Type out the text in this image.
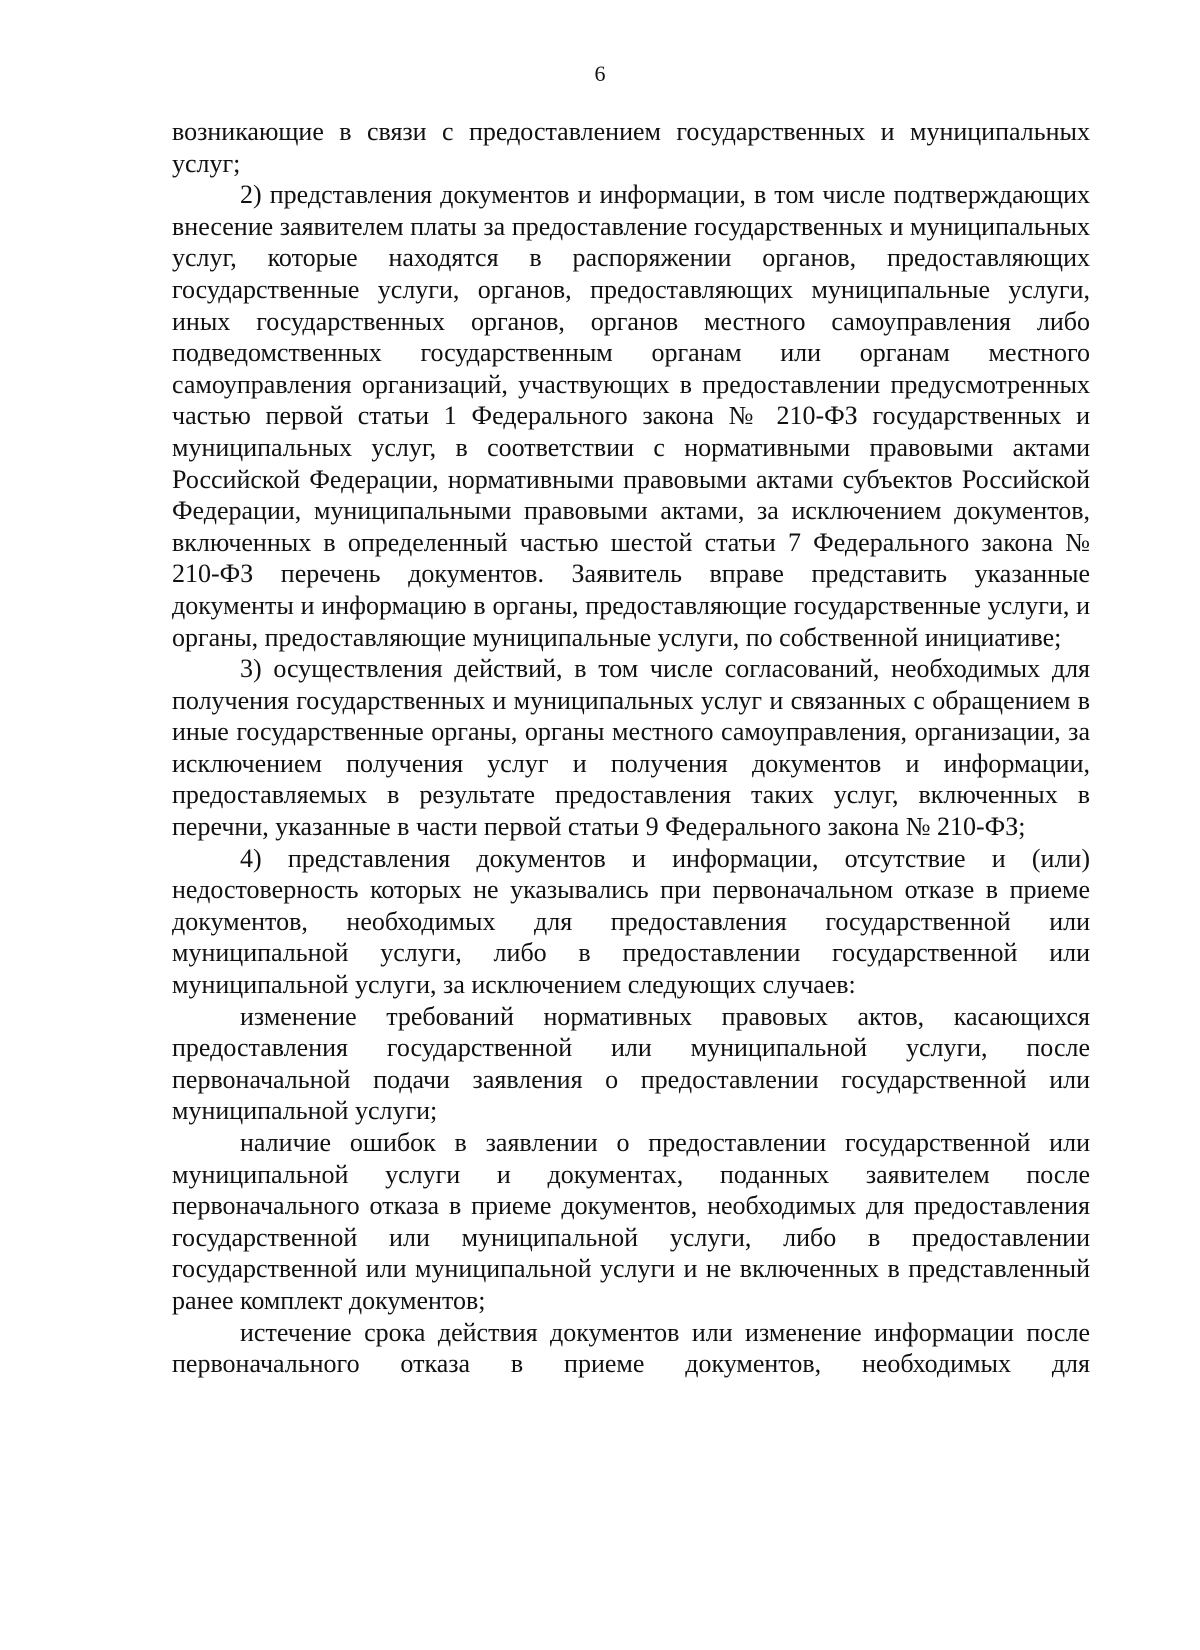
6

возникающие в связи с предоставлением государственных и муниципальных услуг;

2) представления документов и информации, в том числе подтверждающих внесение заявителем платы за предоставление государственных и муниципальных услуг, которые находятся в распоряжении органов, предоставляющих государственные услуги, органов, предоставляющих муниципальные услуги, иных государственных органов, органов местного самоуправления либо подведомственных государственным органам или органам местного самоуправления организаций, участвующих в предоставлении предусмотренных частью первой статьи 1 Федерального закона № 210-ФЗ государственных и муниципальных услуг, в соответствии с нормативными правовыми актами Российской Федерации, нормативными правовыми актами субъектов Российской Федерации, муниципальными правовыми актами, за исключением документов, включенных в определенный частью шестой статьи 7 Федерального закона № 210-ФЗ перечень документов. Заявитель вправе представить указанные документы и информацию в органы, предоставляющие государственные услуги, и органы, предоставляющие муниципальные услуги, по собственной инициативе;

3) осуществления действий, в том числе согласований, необходимых для получения государственных и муниципальных услуг и связанных с обращением в иные государственные органы, органы местного самоуправления, организации, за исключением получения услуг и получения документов и информации, предоставляемых в результате предоставления таких услуг, включенных в перечни, указанные в части первой статьи 9 Федерального закона № 210-ФЗ;

4) представления документов и информации, отсутствие и (или) недостоверность которых не указывались при первоначальном отказе в приеме документов, необходимых для предоставления государственной или муниципальной услуги, либо в предоставлении государственной или муниципальной услуги, за исключением следующих случаев:

изменение требований нормативных правовых актов, касающихся предоставления государственной или муниципальной услуги, после первоначальной подачи заявления о предоставлении государственной или муниципальной услуги;

наличие ошибок в заявлении о предоставлении государственной или муниципальной услуги и документах, поданных заявителем после первоначального отказа в приеме документов, необходимых для предоставления государственной или муниципальной услуги, либо в предоставлении государственной или муниципальной услуги и не включенных в представленный ранее комплект документов;

истечение срока действия документов или изменение информации после первоначального отказа в приеме документов, необходимых для
